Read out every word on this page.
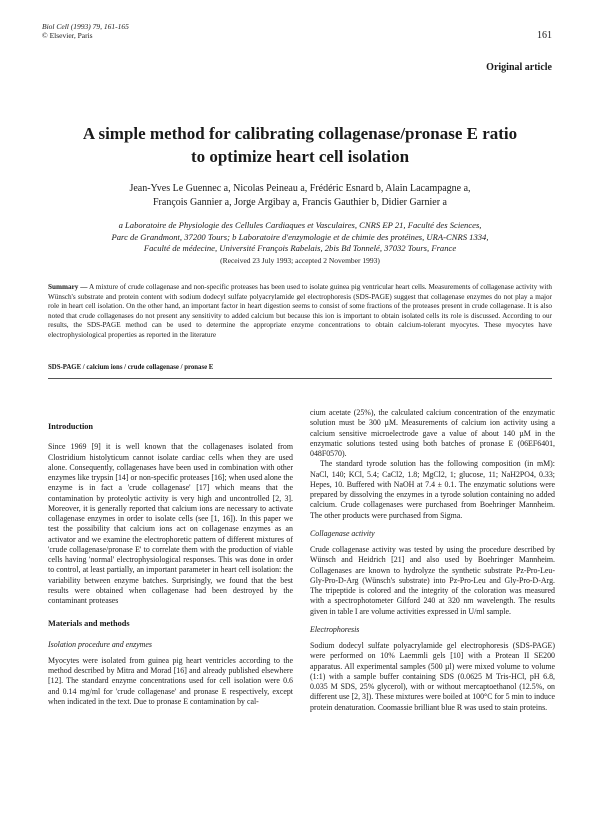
Biol Cell (1993) 79, 161-165
© Elsevier, Paris	161
Original article
A simple method for calibrating collagenase/pronase E ratio
to optimize heart cell isolation
Jean-Yves Le Guennec a, Nicolas Peineau a, Frédéric Esnard b, Alain Lacampagne a,
François Gannier a, Jorge Argibay a, Francis Gauthier b, Didier Garnier a
a Laboratoire de Physiologie des Cellules Cardiaques et Vasculaires, CNRS EP 21, Faculté des Sciences,
Parc de Grandmont, 37200 Tours; b Laboratoire d'enzymologie et de chimie des protéines, URA-CNRS 1334,
Faculté de médecine, Université François Rabelais, 2bis Bd Tonnelé, 37032 Tours, France
(Received 23 July 1993; accepted 2 November 1993)
Summary — A mixture of crude collagenase and non-specific proteases has been used to isolate guinea pig ventricular heart cells. Measurements of collagenase activity with Wünsch's substrate and protein content with sodium dodecyl sulfate polyacrylamide gel electrophoresis (SDS-PAGE) suggest that collagenase enzymes do not play a major role in heart cell isolation. On the other hand, an important factor in heart digestion seems to consist of some fractions of the proteases present in crude collagenase. It is also noted that crude collagenases do not present any sensitivity to added calcium but because this ion is important to obtain isolated cells its role is discussed. According to our results, the SDS-PAGE method can be used to determine the appropriate enzyme concentrations to obtain calcium-tolerant myocytes. These myocytes have electrophysiological properties as reported in the literature
SDS-PAGE / calcium ions / crude collagenase / pronase E
Introduction

Since 1969 [9] it is well known that the collagenases isolated from Clostridium histolyticum cannot isolate cardiac cells when they are used alone. Consequently, collagenases have been used in combination with other enzymes like trypsin [14] or non-specific proteases [16]; when used alone the enzyme is in fact a 'crude collagenase' [17] which means that the contamination by proteolytic activity is very high and uncontrolled [2, 3]. Moreover, it is generally reported that calcium ions are necessary to activate collagenase enzymes in order to isolate cells (see [1, 16]). In this paper we test the possibility that calcium ions act on collagenase enzymes as an activator and we examine the electrophoretic pattern of different mixtures of 'crude collagenase/pronase E' to correlate them with the production of viable cells having 'normal' electrophysiological responses. This was done in order to control, at least partially, an important parameter in heart cell isolation: the variability between enzyme batches. Surprisingly, we found that the best results were obtained when collagenase had been destroyed by the contaminant proteases

Materials and methods
Isolation procedure and enzymes

Myocytes were isolated from guinea pig heart ventricles according to the method described by Mitra and Morad [16] and already published elsewhere [12]. The standard enzyme concentrations used for cell isolation were 0.6 and 0.14 mg/ml for 'crude collagenase' and pronase E respectively, except when indicated in the text. Due to pronase E contamination by cal-

cium acetate (25%), the calculated calcium concentration of the enzymatic solution must be 300 µM. Measurements of calcium ion activity using a calcium sensitive microelectrode gave a value of about 140 µM in the enzymatic solutions tested using both batches of pronase E (06EF6401, 048F0570).

The standard tyrode solution has the following composition (in mM): NaCl, 140; KCl, 5.4; CaCl2, 1.8; MgCl2, 1; glucose, 11; NaH2PO4, 0.33; Hepes, 10. Buffered with NaOH at 7.4 ± 0.1. The enzymatic solutions were prepared by dissolving the enzymes in a tyrode solution containing no added calcium. Crude collagenases were purchased from Boehringer Mannheim. The other products were purchased from Sigma.

Collagenase activity

Crude collagenase activity was tested by using the procedure described by Wünsch and Heidrich [21] and also used by Boehringer Mannheim. Collagenases are known to hydrolyze the synthetic substrate Pz-Pro-Leu-Gly-Pro-D-Arg (Wünsch's substrate) into Pz-Pro-Leu and Gly-Pro-D-Arg. The tripeptide is colored and the integrity of the coloration was measured with a spectrophotometer Gilford 240 at 320 nm wavelength. The results given in table I are volume activities expressed in U/ml sample.

Electrophoresis

Sodium dodecyl sulfate polyacrylamide gel electrophoresis (SDS-PAGE) were performed on 10% Laemmli gels [10] with a Protean II SE200 apparatus. All experimental samples (500 µl) were mixed volume to volume (1:1) with a sample buffer containing SDS (0.0625 M Tris-HCl, pH 6.8, 0.035 M SDS, 25% glycerol), with or without mercaptoethanol (12.5%, on different use [2, 3]). These mixtures were boiled at 100°C for 5 min to induce protein denaturation. Coomassie brilliant blue R was used to stain proteins.
